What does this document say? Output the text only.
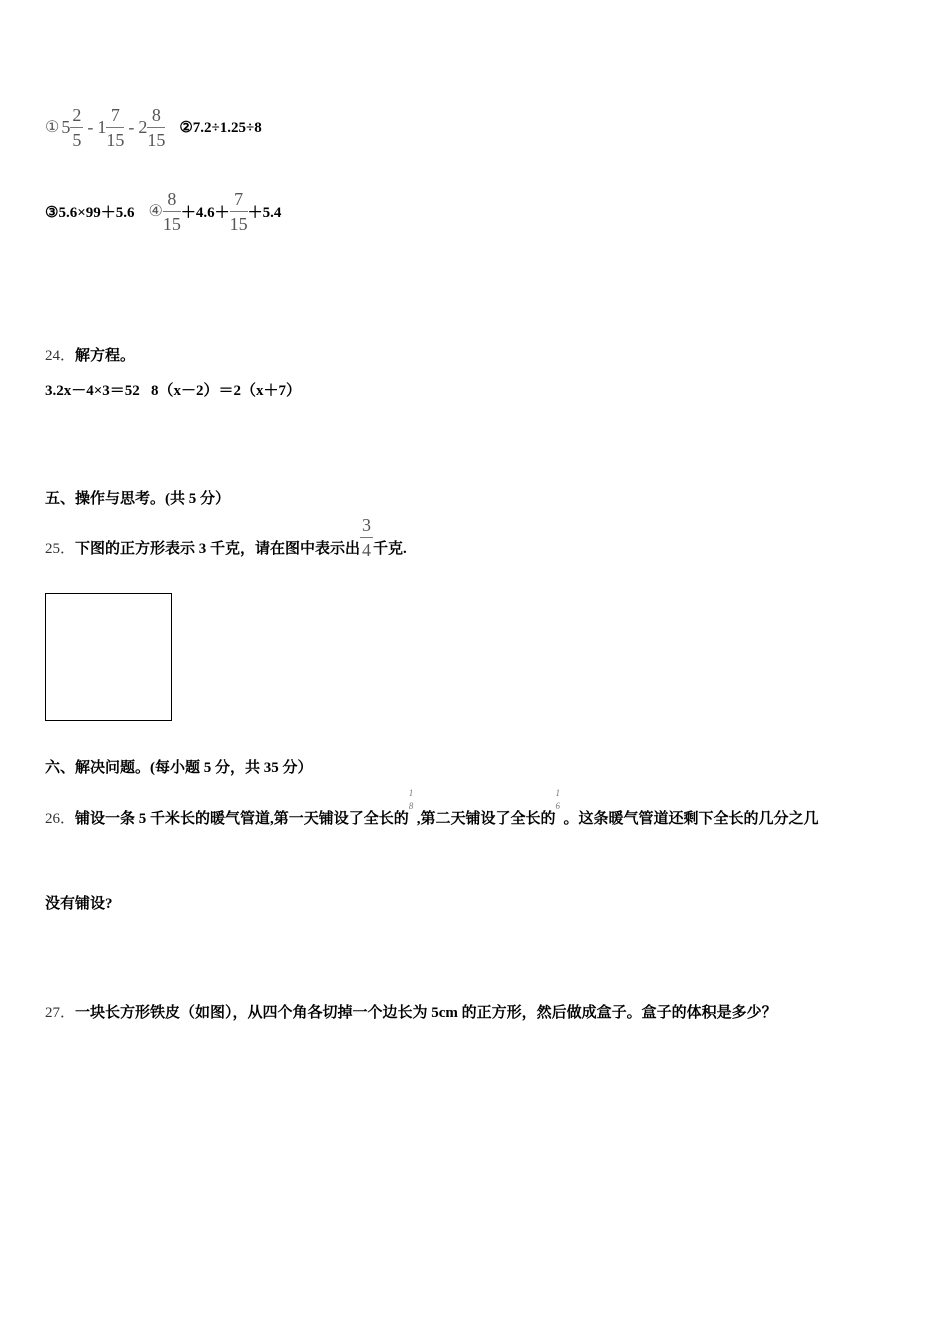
① $5 \frac{2}{5} - 1 \frac{7}{15} - 2 \frac{8}{15}$ ②7.2÷1.25÷8
③5.6×99＋5.6 ④ $\frac{8}{15} +4.6+ \frac{7}{15} +5.4$
24．解方程。
3.2x－4×3＝52   8（x－2）＝2（x＋7）
五、操作与思考。(共 5 分）
25． 下图的正方形表示 3 千克，请在图中表示出 $\frac{3}{4}$ 千克.
六、解决问题。(每小题 5 分，共 35 分）
26． 铺设一条 5 千米长的暖气管道,第一天铺设了全长的
1
8
,第二天铺设了全长的
1
6
。这条暖气管道还剩下全长的几分之几
没有铺设?
27．一块长方形铁皮（如图），从四个角各切掉一个边长为 5cm 的正方形，然后做成盒子。盒子的体积是多少？
